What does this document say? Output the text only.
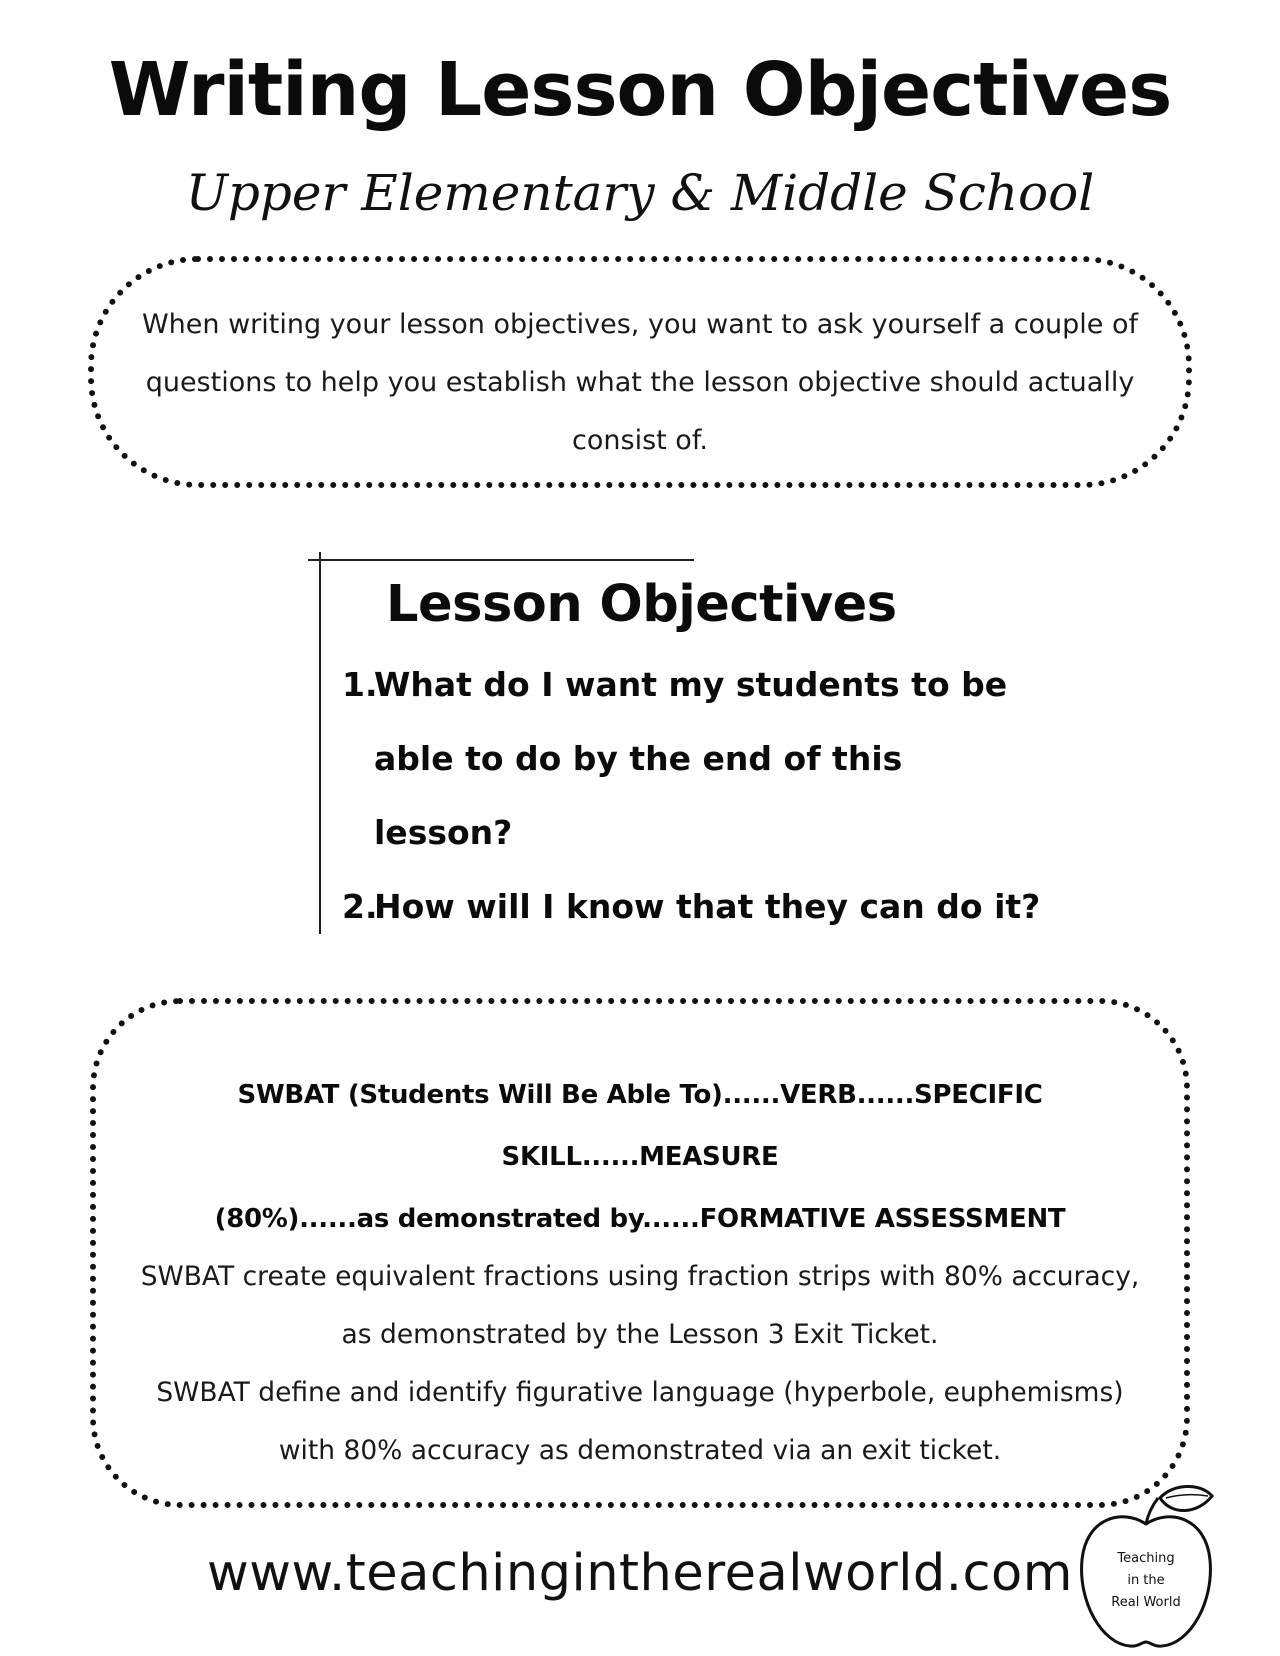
Writing Lesson Objectives
Upper Elementary & Middle School
When writing your lesson objectives, you want to ask yourself a couple of
questions to help you establish what the lesson objective should actually
consist of.
Lesson Objectives
1.
What do I want my students to be
able to do by the end of this
lesson?
2.
How will I know that they can do it?
SWBAT (Students Will Be Able To)......VERB......SPECIFIC SKILL......MEASURE
(80%)......as demonstrated by......FORMATIVE ASSESSMENT

SWBAT create equivalent fractions using fraction strips with 80% accuracy,

as demonstrated by the Lesson 3 Exit Ticket.

SWBAT define and identify figurative language (hyperbole, euphemisms)

with 80% accuracy as demonstrated via an exit ticket.

www.teachingintherealworld.com	Teaching
in the
Real World
